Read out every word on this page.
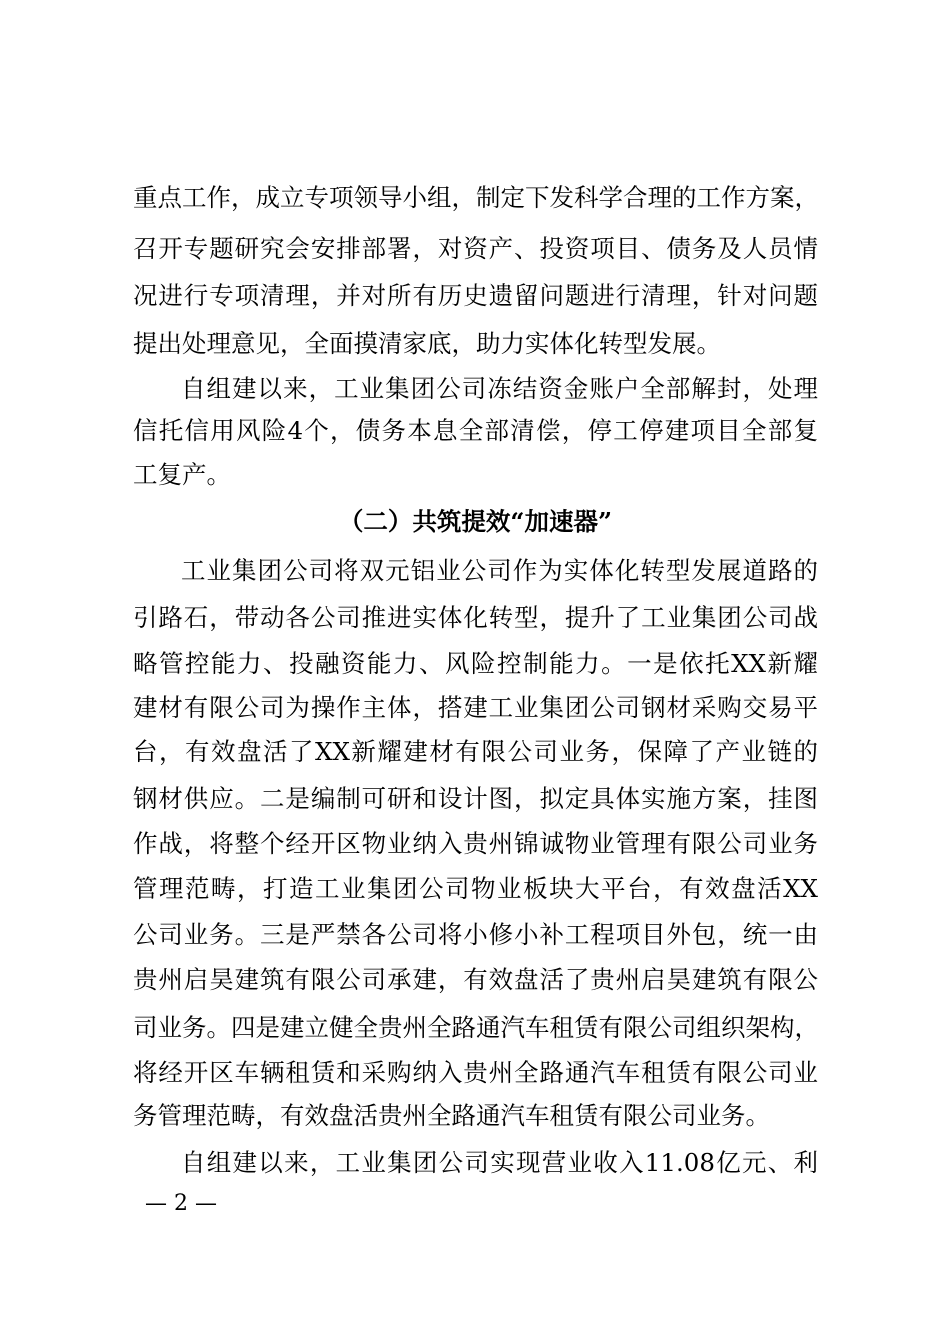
重点工作，成立专项领导小组，制定下发科学合理的工作方案，
召开专题研究会安排部署，对资产、投资项目、债务及人员情
况进行专项清理，并对所有历史遗留问题进行清理，针对问题
提出处理意见，全面摸清家底，助力实体化转型发展。
自组建以来，工业集团公司冻结资金账户全部解封，处理
信托信用风险4个，债务本息全部清偿，停工停建项目全部复
工复产。
（二）共筑提效“加速器”
工业集团公司将双元铝业公司作为实体化转型发展道路的
引路石，带动各公司推进实体化转型，提升了工业集团公司战
略管控能力、投融资能力、风险控制能力。一是依托XX新耀
建材有限公司为操作主体，搭建工业集团公司钢材采购交易平
台，有效盘活了XX新耀建材有限公司业务，保障了产业链的
钢材供应。二是编制可研和设计图，拟定具体实施方案，挂图
作战，将整个经开区物业纳入贵州锦诚物业管理有限公司业务
管理范畴，打造工业集团公司物业板块大平台，有效盘活XX
公司业务。三是严禁各公司将小修小补工程项目外包，统一由
贵州启昊建筑有限公司承建，有效盘活了贵州启昊建筑有限公
司业务。四是建立健全贵州全路通汽车租赁有限公司组织架构，
将经开区车辆租赁和采购纳入贵州全路通汽车租赁有限公司业
务管理范畴，有效盘活贵州全路通汽车租赁有限公司业务。
自组建以来，工业集团公司实现营业收入11.08亿元、利
— 2 —
